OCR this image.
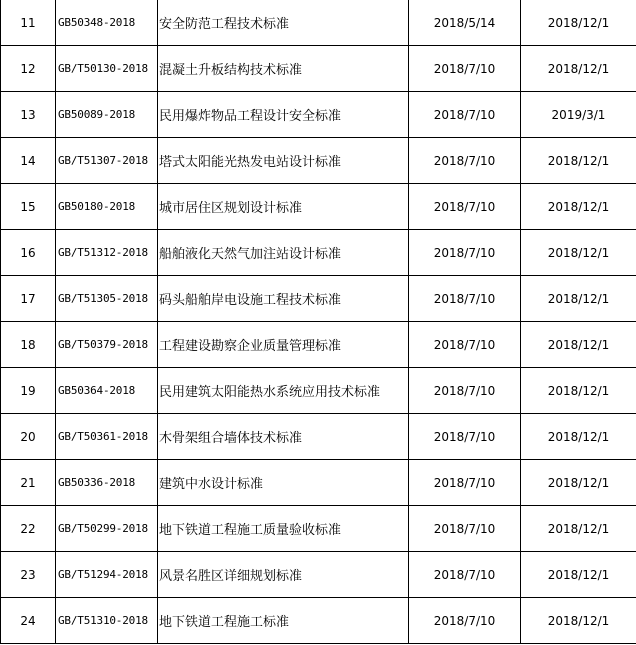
11	GB50348-2018	安全防范工程技术标准	2018/5/14	2018/12/1
12	GB/T50130-2018	混凝土升板结构技术标准	2018/7/10	2018/12/1
13	GB50089-2018	民用爆炸物品工程设计安全标准	2018/7/10	2019/3/1
14	GB/T51307-2018	塔式太阳能光热发电站设计标准	2018/7/10	2018/12/1
15	GB50180-2018	城市居住区规划设计标准	2018/7/10	2018/12/1
16	GB/T51312-2018	船舶液化天然气加注站设计标准	2018/7/10	2018/12/1
17	GB/T51305-2018	码头船舶岸电设施工程技术标准	2018/7/10	2018/12/1
18	GB/T50379-2018	工程建设勘察企业质量管理标准	2018/7/10	2018/12/1
19	GB50364-2018	民用建筑太阳能热水系统应用技术标准	2018/7/10	2018/12/1
20	GB/T50361-2018	木骨架组合墙体技术标准	2018/7/10	2018/12/1
21	GB50336-2018	建筑中水设计标准	2018/7/10	2018/12/1
22	GB/T50299-2018	地下铁道工程施工质量验收标准	2018/7/10	2018/12/1
23	GB/T51294-2018	风景名胜区详细规划标准	2018/7/10	2018/12/1
24	GB/T51310-2018	地下铁道工程施工标准	2018/7/10	2018/12/1
